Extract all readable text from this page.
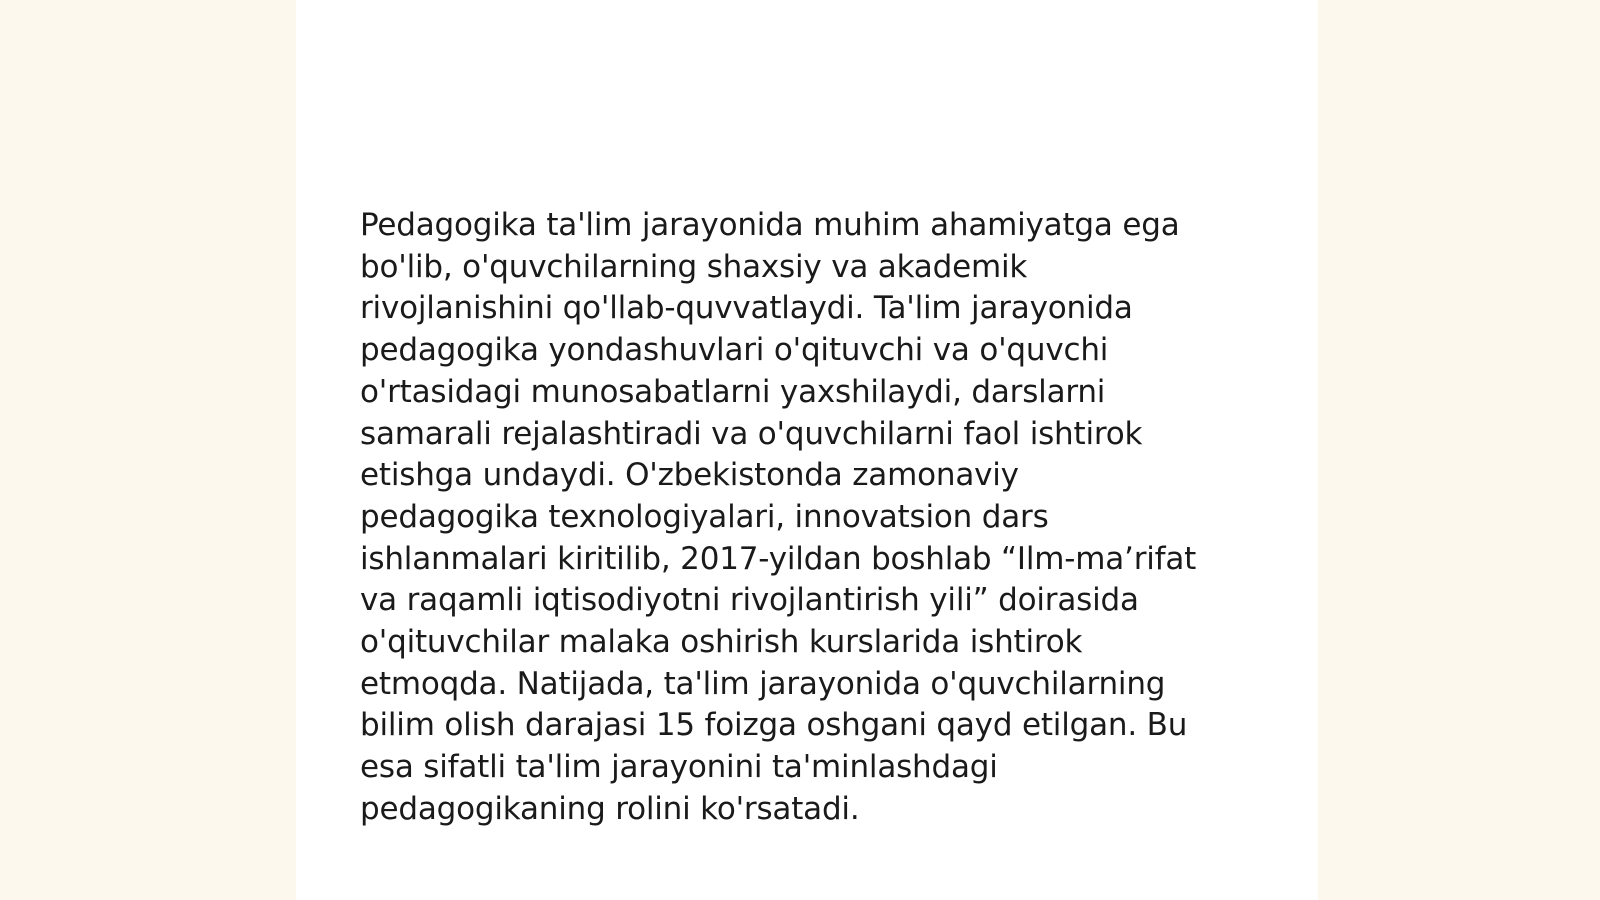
Pedagogika ta'lim jarayonida muhim ahamiyatga ega
bo'lib, o'quvchilarning shaxsiy va akademik
rivojlanishini qo'llab-quvvatlaydi. Ta'lim jarayonida
pedagogika yondashuvlari o'qituvchi va o'quvchi
o'rtasidagi munosabatlarni yaxshilaydi, darslarni
samarali rejalashtiradi va o'quvchilarni faol ishtirok
etishga undaydi. O'zbekistonda zamonaviy
pedagogika texnologiyalari, innovatsion dars
ishlanmalari kiritilib, 2017-yildan boshlab “Ilm-ma’rifat
va raqamli iqtisodiyotni rivojlantirish yili” doirasida
o'qituvchilar malaka oshirish kurslarida ishtirok
etmoqda. Natijada, ta'lim jarayonida o'quvchilarning
bilim olish darajasi 15 foizga oshgani qayd etilgan. Bu
esa sifatli ta'lim jarayonini ta'minlashdagi
pedagogikaning rolini ko'rsatadi.
